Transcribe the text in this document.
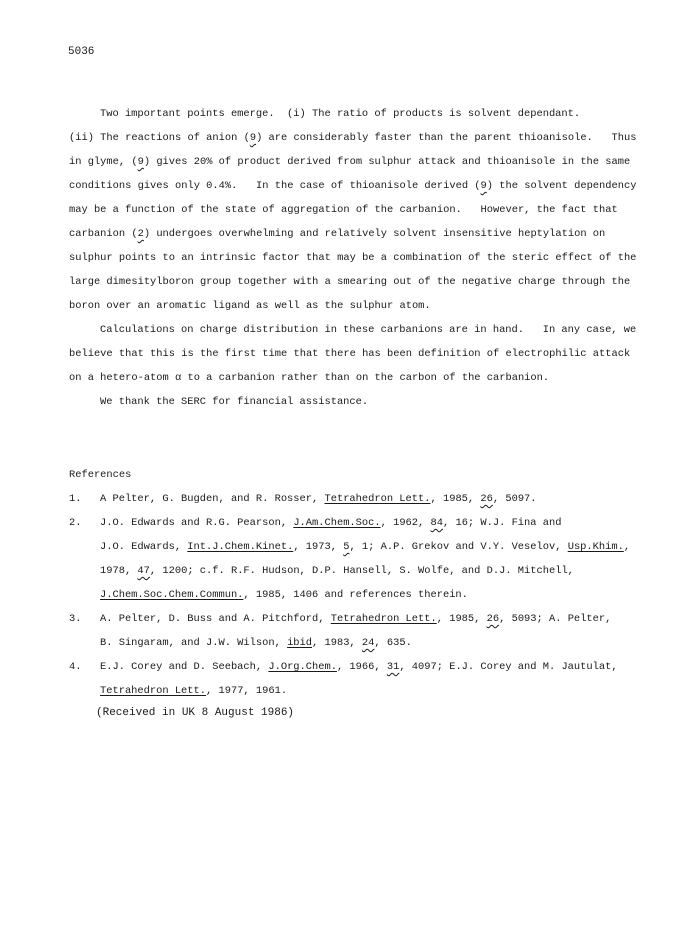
5036
Two important points emerge.  (i) The ratio of products is solvent dependant.
(ii) The reactions of anion (9) are considerably faster than the parent thioanisole.   Thus
in glyme, (9) gives 20% of product derived from sulphur attack and thioanisole in the same
conditions gives only 0.4%.   In the case of thioanisole derived (9) the solvent dependency
may be a function of the state of aggregation of the carbanion.   However, the fact that
carbanion (2) undergoes overwhelming and relatively solvent insensitive heptylation on
sulphur points to an intrinsic factor that may be a combination of the steric effect of the
large dimesitylboron group together with a smearing out of the negative charge through the
boron over an aromatic ligand as well as the sulphur atom.
Calculations on charge distribution in these carbanions are in hand.   In any case, we
believe that this is the first time that there has been definition of electrophilic attack
on a hetero-atom α to a carbanion rather than on the carbon of the carbanion.
We thank the SERC for financial assistance.
References
1. A Pelter, G. Bugden, and R. Rosser, Tetrahedron Lett., 1985, 26, 5097.
2. J.O. Edwards and R.G. Pearson, J.Am.Chem.Soc., 1962, 84, 16; W.J. Fina and
J.O. Edwards, Int.J.Chem.Kinet., 1973, 5, 1; A.P. Grekov and V.Y. Veselov, Usp.Khim.,
1978, 47, 1200; c.f. R.F. Hudson, D.P. Hansell, S. Wolfe, and D.J. Mitchell,
J.Chem.Soc.Chem.Commun., 1985, 1406 and references therein.
3. A. Pelter, D. Buss and A. Pitchford, Tetrahedron Lett., 1985, 26, 5093; A. Pelter,
B. Singaram, and J.W. Wilson, ibid, 1983, 24, 635.
4. E.J. Corey and D. Seebach, J.Org.Chem., 1966, 31, 4097; E.J. Corey and M. Jautulat,
Tetrahedron Lett., 1977, 1961.
(Received in UK 8 August 1986)
